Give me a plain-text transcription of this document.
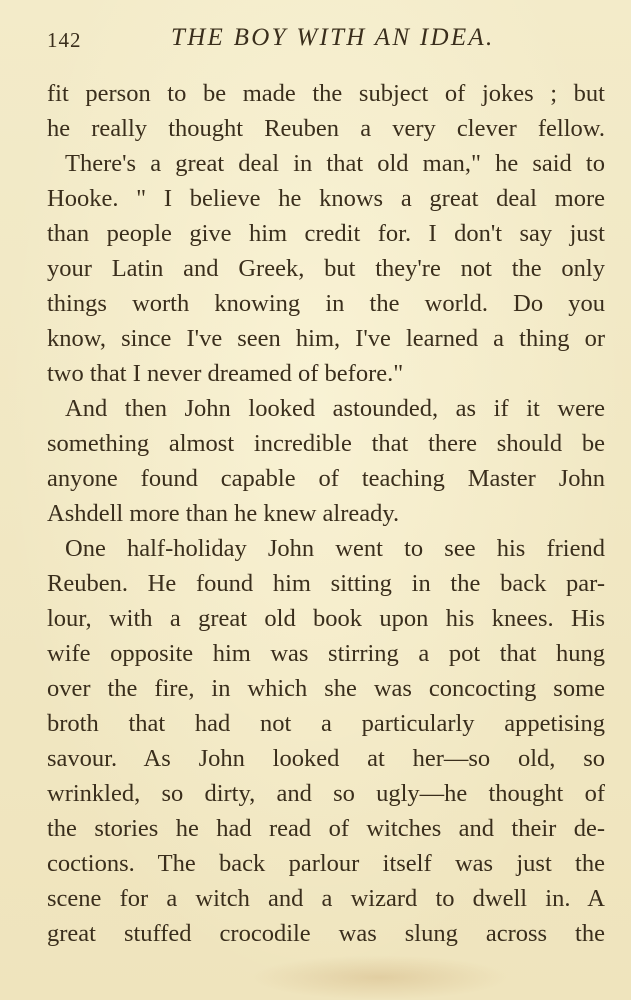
142	THE BOY WITH AN IDEA.
fit person to be made the subject of jokes ; but
he really thought Reuben a very clever fellow.
There's a great deal in that old man," he said to
Hooke. " I believe he knows a great deal more
than people give him credit for. I don't say just
your Latin and Greek, but they're not the only
things worth knowing in the world. Do you
know, since I've seen him, I've learned a thing or
two that I never dreamed of before."
And then John looked astounded, as if it were
something almost incredible that there should be
anyone found capable of teaching Master John
Ashdell more than he knew already.
One half-holiday John went to see his friend
Reuben. He found him sitting in the back par-
lour, with a great old book upon his knees. His
wife opposite him was stirring a pot that hung
over the fire, in which she was concocting some
broth that had not a particularly appetising
savour. As John looked at her—so old, so
wrinkled, so dirty, and so ugly—he thought of
the stories he had read of witches and their de-
coctions. The back parlour itself was just the
scene for a witch and a wizard to dwell in. A
great stuffed crocodile was slung across the
